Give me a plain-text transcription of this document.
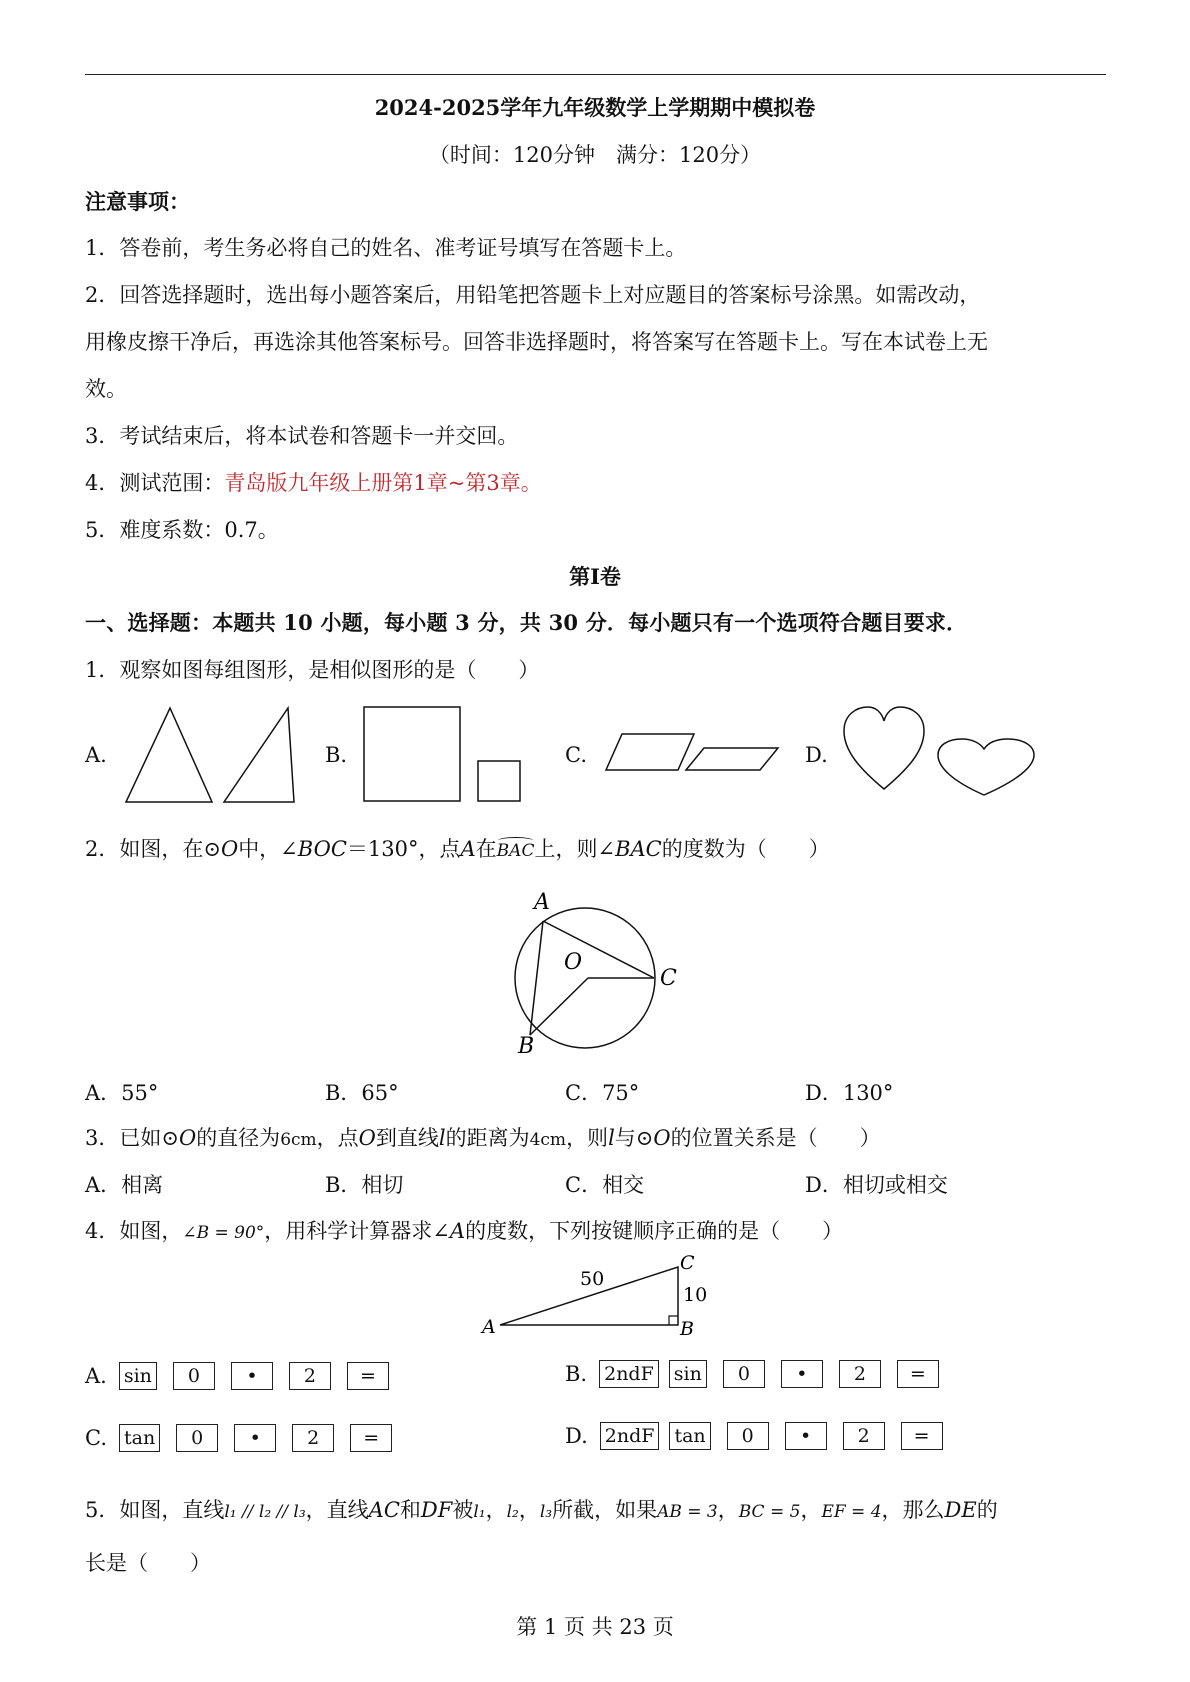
2024-2025学年九年级数学上学期期中模拟卷
（时间：120分钟　满分：120分）
注意事项：
1．答卷前，考生务必将自己的姓名、准考证号填写在答题卡上。
2．回答选择题时，选出每小题答案后，用铅笔把答题卡上对应题目的答案标号涂黑。如需改动，
用橡皮擦干净后，再选涂其他答案标号。回答非选择题时，将答案写在答题卡上。写在本试卷上无
效。
3．考试结束后，将本试卷和答题卡一并交回。
4．测试范围：青岛版九年级上册第1章~第3章。
5．难度系数：0.7。
第Ⅰ卷
一、选择题：本题共 10 小题，每小题 3 分，共 30 分．每小题只有一个选项符合题目要求．
1．观察如图每组图形，是相似图形的是（　　）
A.	B.	C.	D.
2．如图，在⊙O中，∠BOC＝130°，点A在BAC上，则∠BAC的度数为（　　）
A
O
C
B
A．55°	B．65°	C．75°	D．130°
3．已如⊙O的直径为6cm，点O到直线l的距离为4cm，则l与⊙O的位置关系是（　　）
A．相离	B．相切	C．相交	D．相切或相交
4．如图，∠B = 90°，用科学计算器求∠A的度数，下列按键顺序正确的是（　　）
A	B
C
50
10
A. sin 0 • 2 =	B. 2ndF sin 0 • 2 =
C. tan 0 • 2 =	D. 2ndF tan 0 • 2 =
5．如图，直线l₁ // l₂ // l₃，直线AC和DF被l₁，l₂，l₃所截，如果AB = 3，BC = 5，EF = 4，那么DE的
长是（　　）
第 1 页 共 23 页
